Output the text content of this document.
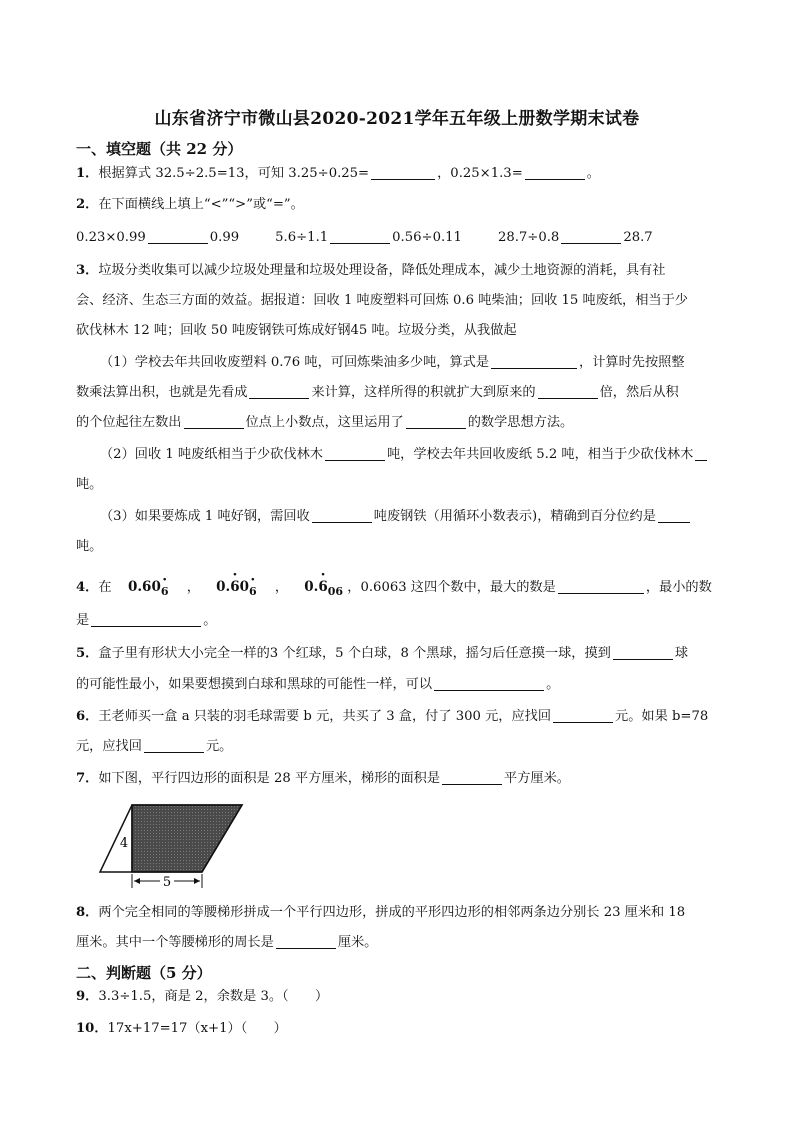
山东省济宁市微山县2020-2021学年五年级上册数学期末试卷
一、填空题（共 22 分）
1．根据算式 32.5÷2.5=13，可知 3.25÷0.25=	，0.25×1.3=	。
2．在下面横线上填上“<”“>”或“=”。
0.23×0.99	0.99	5.6÷1.1	0.56÷0.11	28.7÷0.8	28.7
3．垃圾分类收集可以减少垃圾处理量和垃圾处理设备，降低处理成本，减少土地资源的消耗，具有社
会、经济、生态三方面的效益。据报道：回收 1 吨废塑料可回炼 0.6 吨柴油；回收 15 吨废纸，相当于少
砍伐林木 12 吨；回收 50 吨废钢铁可炼成好钢45 吨。垃圾分类，从我做起
（1）学校去年共回收废塑料 0.76 吨，可回炼柴油多少吨，算式是	，计算时先按照整
数乘法算出积，也就是先看成	来计算，这样所得的积就扩大到原来的	倍，然后从积
的个位起往左数出	位点上小数点，这里运用了	的数学思想方法。
（2）回收 1 吨废纸相当于少砍伐林木	吨，学校去年共回收废纸 5.2 吨，相当于少砍伐林木
吨。
（3）如果要炼成 1 吨好钢，需回收	吨废钢铁（用循环小数表示)，精确到百分位约是
吨。
4．在 0.60· 6 ， 0.· 60· 6 ， $0.\cdot 6_{06}$ ，0.6063 这四个数中，最大的数是	，最小的数
是	。
5．盒子里有形状大小完全一样的3 个红球，5 个白球，8 个黑球，摇匀后任意摸一球，摸到	球
的可能性最小，如果要想摸到白球和黑球的可能性一样，可以	。
6．王老师买一盒 a 只装的羽毛球需要 b 元，共买了 3 盒，付了 300 元，应找回	元。如果 b=78
元，应找回	元。
7．如下图，平行四边形的面积是 28 平方厘米，梯形的面积是	平方厘米。
5
4
8．两个完全相同的等腰梯形拼成一个平行四边形，拼成的平形四边形的相邻两条边分别长 23 厘米和 18
厘米。其中一个等腰梯形的周长是	厘米。
二、判断题（5 分）
9．3.3÷1.5，商是 2，余数是 3。（　　）
10．17x+17=17（x+1）（　　）
